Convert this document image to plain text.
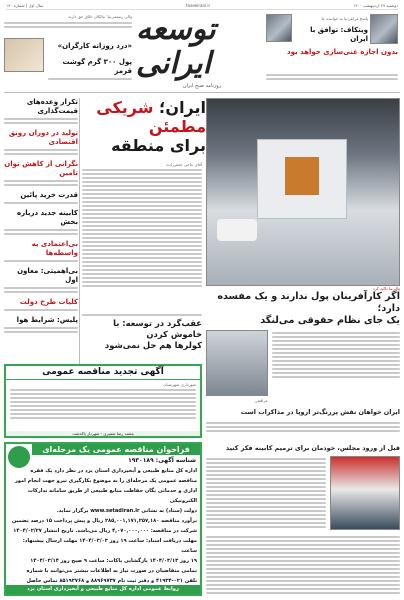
سال اول | شماره ۱۹۰	toseeirani.ir	دوشنبه ۲۷ اردیبهشت ۱۴۰۰
توسعه ایرانی
روزنامه صبح ایران
پاسخ مراغی‌نیا به خواننده ما
ویتکاف: توافق با ایران
بدون اجازه غنی‌سازی خواهد بود
والی رستمی‌نیا: مالکان خلاق حق دارند
«درد روزانه کارگران»
پول ۳۰۰ گرم گوشت قرمز
ایران؛ شریکی مطمئن
برای منطقه
آقای حاجی جعفرزاده:
والی‌نیا تاکید کرد
اگر کارآفرینان پول ندارند و یک مفسده دارد؛
یک جای نظام حقوقی می‌لنگد
تکرار وعده‌های قیمت‌گذاری
تولید در دوران رونق اقتصادی
نگرانی از کاهش توان تامین
قدرت خرید پائین
کابینه جدید درباره بخش
بی‌اعتمادی به واسطه‌ها
بی‌اهمیتی: معاون اول
کلیات طرح دولت
پلیس: شرایط هوا	عقب‌گرد در توسعه: با خاموش کردن
کولرها هم حل نمی‌شود
آگهی تجدید مناقصه عمومی
شهرداری شهرستان
محمد رضا شمیری - شهردار پاکدشت
عراقچی
ایران خواهان نقش پررنگ‌تر اروپا در مذاکرات است
فراخوان مناقصه عمومی یک مرحله‌ای
شناسه آگهی: ۱۹۳۰۱۸۹
اداره کل منابع طبیعی و آبخیزداری استان یزد در نظر دارد یک فقره
مناقصه عمومی یک مرحله‌ای را به موضوع بکارگیری نیرو جهت انجام امور
اداری و خدماتی یگان حفاظت منابع طبیعی از طریق سامانه تدارکات الکترونیکی
دولت (ستاد) به نشانی www.setadiran.ir برگزار نماید.
برآورد مناقصه ۲۸۵,۰۰۱,۱۷۱,۲۵۷,۱۸۰ ریال و پیش پرداخت ۱۵ درصد تضمین
شرکت در مناقصه: ۴,۰۷۰,۰۰۰,۰۰۰ ریال می‌باشد. تاریخ انتشار ۱۴۰۴/۰۲/۲۷
مهلت دریافت اسناد: ساعت ۱۹ روز ۱۴۰۴/۰۳/۰۳ مهلت ارسال پیشنهاد: ساعت
۱۹ روز ۱۴۰۴/۰۳/۱۳ بازگشایی پاکات: ساعت ۹ صبح روز ۱۴۰۴/۰۳/۱۴
تمامی متقاضیان در صورت نیاز به اطلاعات بیشتر می‌توانند با شماره
تلفن ۰۲۱-۴۱۹۳۴ و دفتر ثبت نام ۸۸۹۶۹۷۳۷ و ۸۵۱۹۳۷۶۸ تماس حاصل
روابط عمومی اداره کل منابع طبیعی و آبخیزداری استان یزد
قبل از ورود مجلس، خودمان برای ترمیم کابینه فکر کنید
